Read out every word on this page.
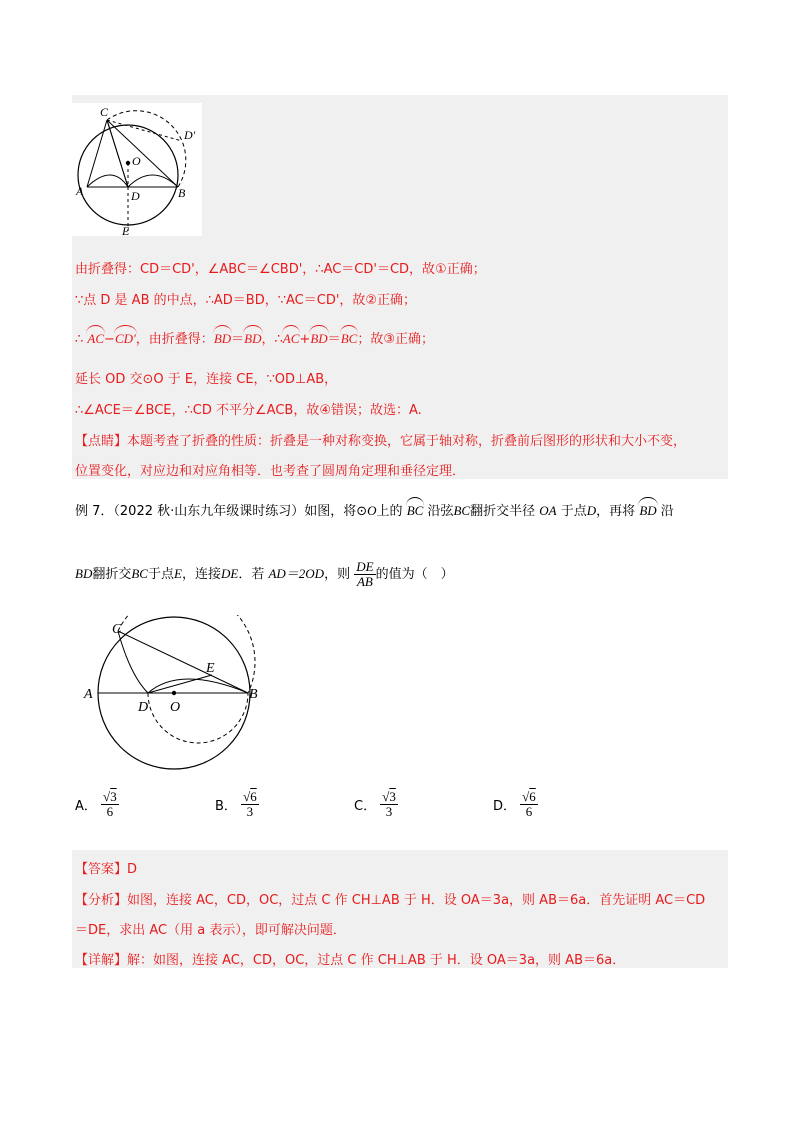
C
D'
O
A	D	B
E
由折叠得：CD＝CD'，∠ABC＝∠CBD'，∴AC＝CD'＝CD，故①正确；
∵点 D 是 AB 的中点，∴AD＝BD，∵AC＝CD'，故②正确；
∴ AC−CD'，由折叠得：BD＝BD，∴AC+BD＝BC；故③正确；
延长 OD 交⊙O 于 E，连接 CE，∵OD⊥AB，
∴∠ACE＝∠BCE，∴CD 不平分∠ACB，故④错误；故选：A.
【点睛】本题考查了折叠的性质：折叠是一种对称变换，它属于轴对称，折叠前后图形的形状和大小不变，
位置变化，对应边和对应角相等．也考查了圆周角定理和垂径定理．
例 7．（2022 秋·山东九年级课时练习）如图，将⊙O上的 BC 沿弦BC翻折交半径 OA 于点D，再将 BD 沿
BD翻折交BC于点E，连接DE．若 AD＝2OD，则 $\frac{DE}{AB}$ 的值为（　）
C
E
A
D O
B
A． $\frac{√3}{6}$	B． $\frac{√6}{3}$	C． $\frac{√3}{3}$	D． $\frac{√6}{6}$
【答案】D
【分析】如图，连接 AC，CD，OC，过点 C 作 CH⊥AB 于 H．设 OA＝3a，则 AB＝6a．首先证明 AC＝CD
＝DE，求出 AC（用 a 表示），即可解决问题．
【详解】解：如图，连接 AC，CD，OC，过点 C 作 CH⊥AB 于 H．设 OA＝3a，则 AB＝6a．
